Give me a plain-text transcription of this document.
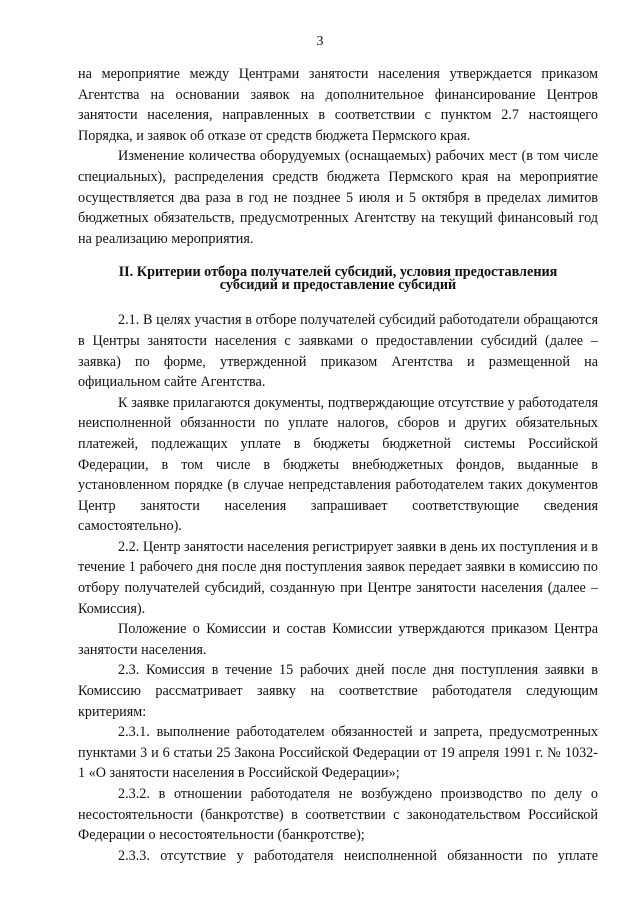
3

на мероприятие между Центрами занятости населения утверждается приказом Агентства на основании заявок на дополнительное финансирование Центров занятости населения, направленных в соответствии с пунктом 2.7 настоящего Порядка, и заявок об отказе от средств бюджета Пермского края.

Изменение количества оборудуемых (оснащаемых) рабочих мест (в том числе специальных), распределения средств бюджета Пермского края на мероприятие осуществляется два раза в год не позднее 5 июля и 5 октября в пределах лимитов бюджетных обязательств, предусмотренных Агентству на текущий финансовый год на реализацию мероприятия.

II. Критерии отбора получателей субсидий, условия предоставления
субсидий и предоставление субсидий

2.1. В целях участия в отборе получателей субсидий работодатели обращаются в Центры занятости населения с заявками о предоставлении субсидий (далее – заявка) по форме, утвержденной приказом Агентства и размещенной на официальном сайте Агентства.

К заявке прилагаются документы, подтверждающие отсутствие у работодателя неисполненной обязанности по уплате налогов, сборов и других обязательных платежей, подлежащих уплате в бюджеты бюджетной системы Российской Федерации, в том числе в бюджеты внебюджетных фондов, выданные в установленном порядке (в случае непредставления работодателем таких документов Центр занятости населения запрашивает соответствующие сведения самостоятельно).

2.2. Центр занятости населения регистрирует заявки в день их поступления и в течение 1 рабочего дня после дня поступления заявок передает заявки в комиссию по отбору получателей субсидий, созданную при Центре занятости населения (далее – Комиссия).

Положение о Комиссии и состав Комиссии утверждаются приказом Центра занятости населения.

2.3. Комиссия в течение 15 рабочих дней после дня поступления заявки в Комиссию рассматривает заявку на соответствие работодателя следующим критериям:

2.3.1. выполнение работодателем обязанностей и запрета, предусмотренных пунктами 3 и 6 статьи 25 Закона Российской Федерации от 19 апреля 1991 г. № 1032-1 «О занятости населения в Российской Федерации»;

2.3.2. в отношении работодателя не возбуждено производство по делу о несостоятельности (банкротстве) в соответствии с законодательством Российской Федерации о несостоятельности (банкротстве);

2.3.3. отсутствие у работодателя неисполненной обязанности по уплате
